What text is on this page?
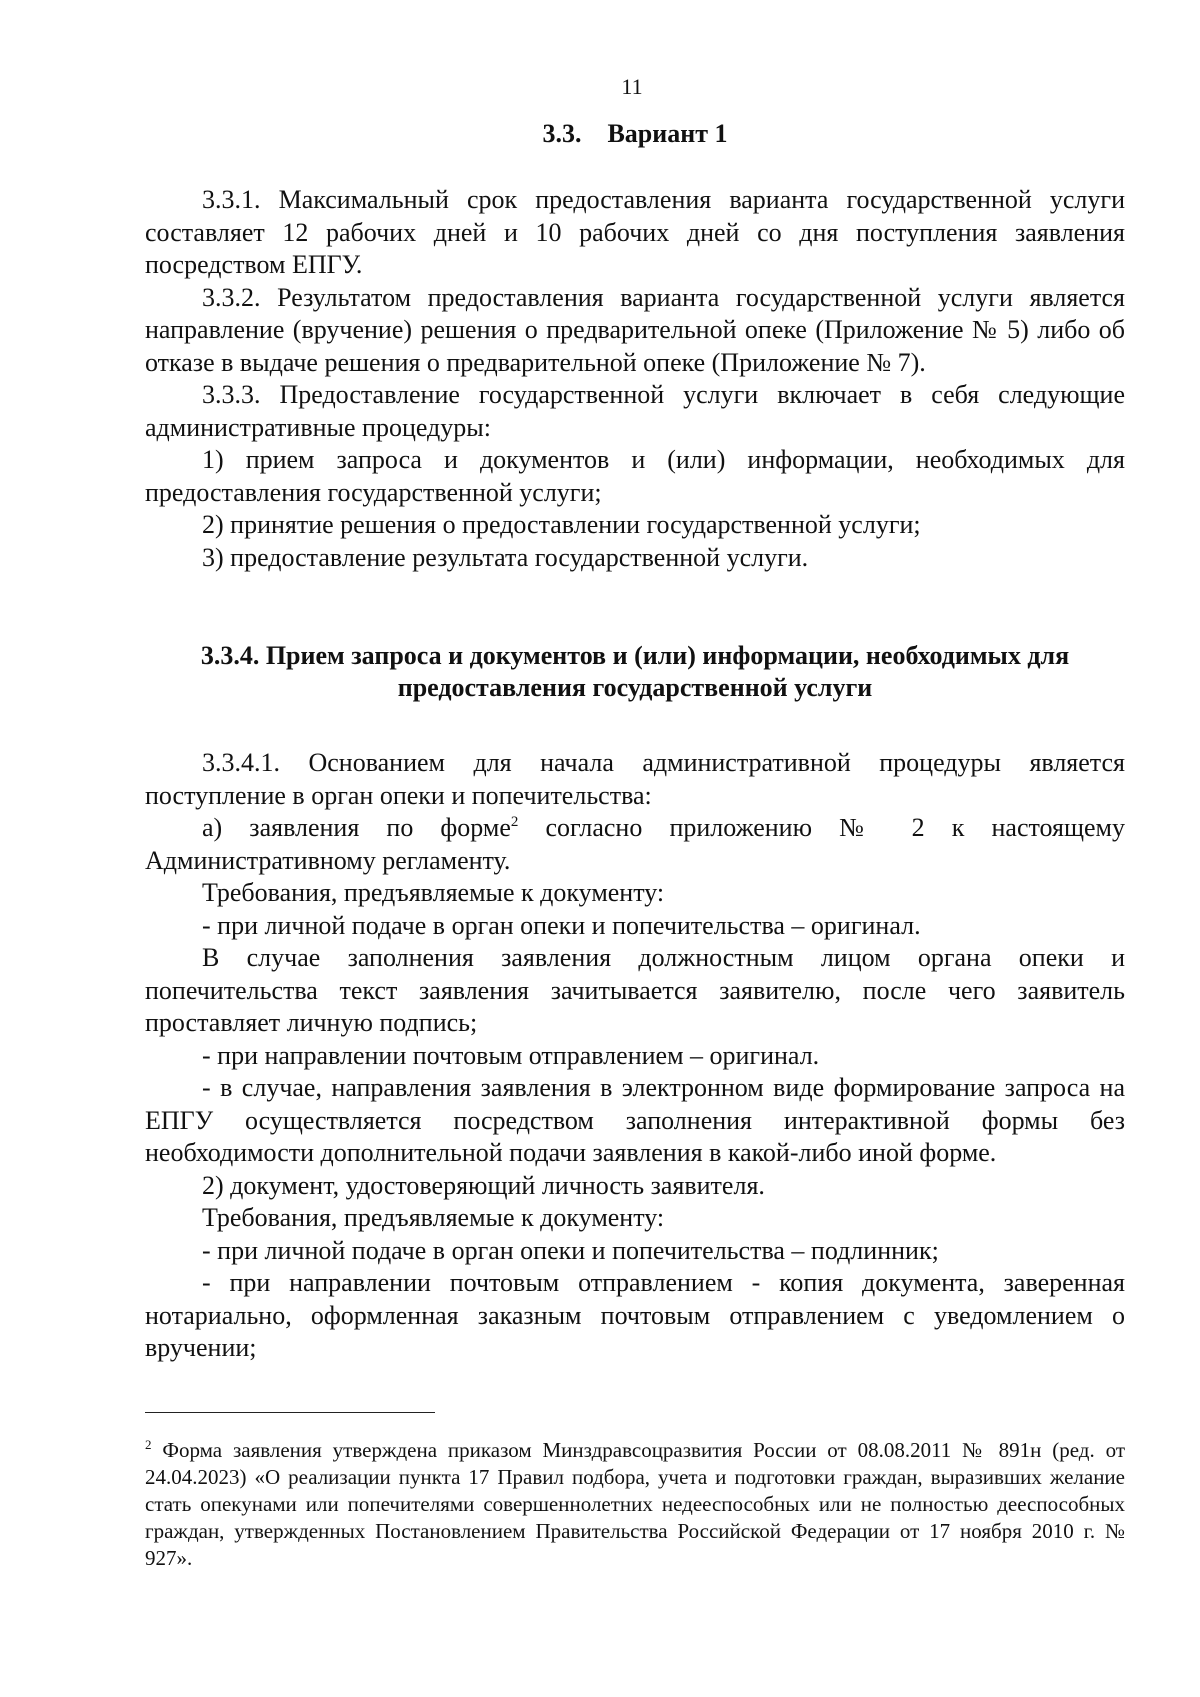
11
3.3. Вариант 1

3.3.1. Максимальный срок предоставления варианта государственной услуги составляет 12 рабочих дней и 10 рабочих дней со дня поступления заявления посредством ЕПГУ.

3.3.2. Результатом предоставления варианта государственной услуги является направление (вручение) решения о предварительной опеке (Приложение № 5) либо об отказе в выдаче решения о предварительной опеке (Приложение № 7).

3.3.3. Предоставление государственной услуги включает в себя следующие административные процедуры:

1) прием запроса и документов и (или) информации, необходимых для предоставления государственной услуги;

2) принятие решения о предоставлении государственной услуги;

3) предоставление результата государственной услуги.

3.3.4. Прием запроса и документов и (или) информации, необходимых для предоставления государственной услуги

3.3.4.1. Основанием для начала административной процедуры является поступление в орган опеки и попечительства:

а) заявления по форме$^2$ согласно приложению № 2 к настоящему Административному регламенту.

Требования, предъявляемые к документу:

- при личной подаче в орган опеки и попечительства – оригинал.

В случае заполнения заявления должностным лицом органа опеки и попечительства текст заявления зачитывается заявителю, после чего заявитель проставляет личную подпись;

- при направлении почтовым отправлением – оригинал.

- в случае, направления заявления в электронном виде формирование запроса на ЕПГУ осуществляется посредством заполнения интерактивной формы без необходимости дополнительной подачи заявления в какой-либо иной форме.

2) документ, удостоверяющий личность заявителя.

Требования, предъявляемые к документу:

- при личной подаче в орган опеки и попечительства – подлинник;

- при направлении почтовым отправлением - копия документа, заверенная нотариально, оформленная заказным почтовым отправлением с уведомлением о вручении;

$^2$ Форма заявления утверждена приказом Минздравсоцразвития России от 08.08.2011 № 891н (ред. от 24.04.2023) «О реализации пункта 17 Правил подбора, учета и подготовки граждан, выразивших желание стать опекунами или попечителями совершеннолетних недееспособных или не полностью дееспособных граждан, утвержденных Постановлением Правительства Российской Федерации от 17 ноября 2010 г. № 927».
